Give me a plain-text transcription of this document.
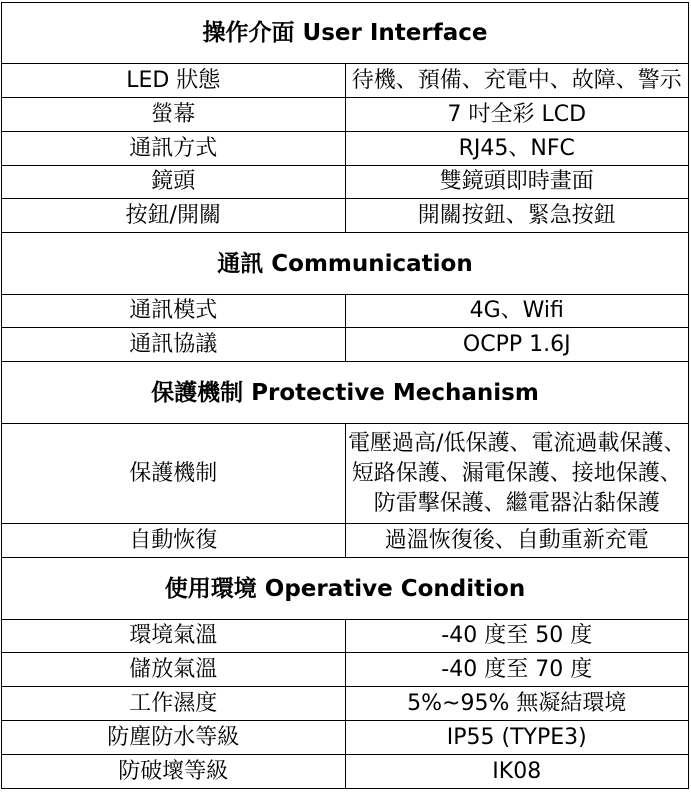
操作介面 User Interface	
LED 狀態	待機、預備、充電中、故障、警示
螢幕	7 吋全彩 LCD
通訊方式	RJ45、NFC
鏡頭	雙鏡頭即時畫面
按鈕/開關	開關按鈕、緊急按鈕
通訊 Communication	
通訊模式	4G、Wifi
通訊協議	OCPP 1.6J
保護機制 Protective Mechanism	
保護機制	電壓過高/低保護、電流過載保護、
短路保護、漏電保護、接地保護、
防雷擊保護、繼電器沾黏保護

自動恢復	過溫恢復後、自動重新充電
使用環境 Operative Condition	
環境氣溫	-40 度至 50 度
儲放氣溫	-40 度至 70 度
工作濕度	5%~95% 無凝結環境
防塵防水等級	IP55 (TYPE3)
防破壞等級	IK08
